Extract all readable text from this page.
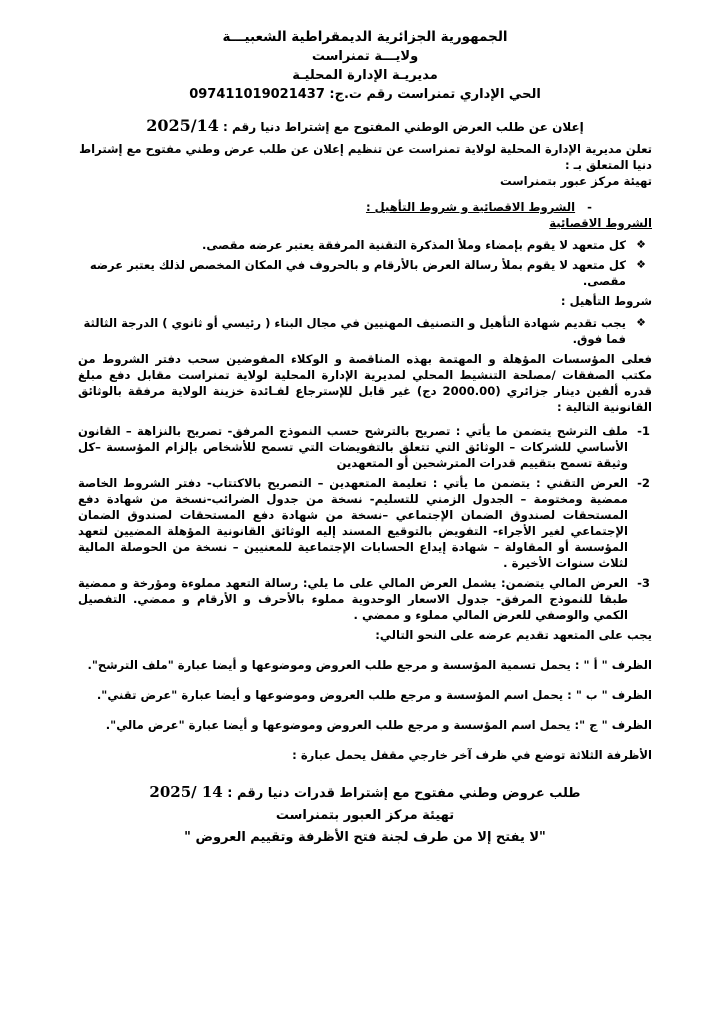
الجمهورية الجزائرية الديمقراطية الشعبيـــة
ولايـــة تمنراست
مديريـة الإدارة المحليـة
الحي الإداري تمنراست رقم ت.ج: 097411019021437
إعلان عن طلب العرض الوطني المفتوح مع إشتراط دنيا رقم : 2025/14
تعلن مديرية الإدارة المحلية لولاية تمنراست عن تنظيم إعلان عن طلب عرض وطني مفتوح مع إشتراط دنيا المتعلق بـ :
تهيئة مركز عبور بتمنراست
-   الشروط الاقصائية و شروط التأهيل :
الشروط الاقصائية
❖ كل متعهد لا يقوم بإمضاء وملأ المذكرة التقنية المرفقة يعتبر عرضه مقصى.
❖ كل متعهد لا يقوم بملأ رسالة العرض بالأرقام و بالحروف في المكان المخصص لذلك يعتبر عرضه مقصى.
شروط التأهيل :
❖ يجب تقديم شهادة التأهيل و التصنيف المهنيين في مجال البناء ( رئيسي أو ثانوي ) الدرجة الثالثة فما فوق.
فعلى المؤسسات المؤهلة و المهتمة بهذه المناقصة و الوكلاء المفوضين سحب دفتر الشروط من مكتب الصفقات /مصلحة التنشيط المحلي لمديرية الإدارة المحلية لولاية تمنراست مقابل دفع مبلغ قدره ألفين دينار جزائري (2000.00 دج) غير قابل للإسترجاع لفـائدة خزينة الولاية مرفقة بالوثائق القانونية التالية :
1-
ملف الترشح يتضمن ما يأتي : تصريح بالترشح حسب النموذج المرفق- تصريح بالنزاهة – القانون الأساسي للشركات – الوثائق التي تتعلق بالتفويضات التي تسمح للأشخاص بإلزام المؤسسة –كل وثيقة تسمح بتقييم قدرات المترشحين أو المتعهدين
2-
العرض التقني : يتضمن ما يأتي : تعليمة المتعهدين – التصريح بالاكتتاب- دفتر الشروط الخاصة ممضية ومختومة – الجدول الزمني للتسليم- نسخة من جدول الضرائب-نسخة من شهادة دفع المستحقات لصندوق الضمان الإجتماعي –نسخة من شهادة دفع المستحقات لصندوق الضمان الإجتماعي لغير الأجراء- التفويض بالتوقيع المسند إليه الوثائق القانونية المؤهلة المضيين لتعهد المؤسسة أو المقاولة – شهادة إيداع الحسابات الإجتماعية للمعنيين – نسخة من الحوصلة المالية لثلاث سنوات الأخيرة .
3-
العرض المالي يتضمن: يشمل العرض المالي على ما يلي: رسالة التعهد مملوءة ومؤرخة و ممضية طبقا للنموذج المرفق- جدول الاسعار الوحدوية مملوء بالأحرف و الأرقام و ممضي. التفصيل الكمي والوصفي للعرض المالي مملوء و ممضي .
يجب على المتعهد تقديم عرضه على النحو التالي:
الظرف " أ " : يحمل تسمية المؤسسة و مرجع طلب العروض وموضوعها و أيضا عبارة "ملف الترشح".
الظرف " ب " : يحمل اسم المؤسسة و مرجع طلب العروض وموضوعها و أيضا عبارة "عرض تقني".
الظرف " ج ": يحمل اسم المؤسسة و مرجع طلب العروض وموضوعها و أيضا عبارة "عرض مالي".
الأظرفة الثلاثة توضع في ظرف آخر خارجي مقفل يحمل عبارة :
طلب عروض وطني مفتوح مع إشتراط قدرات دنيا رقم : 14 /2025
تهيئة مركز العبور بتمنراست
"لا يفتح إلا من طرف لجنة فتح الأظرفة وتقييم العروض "
